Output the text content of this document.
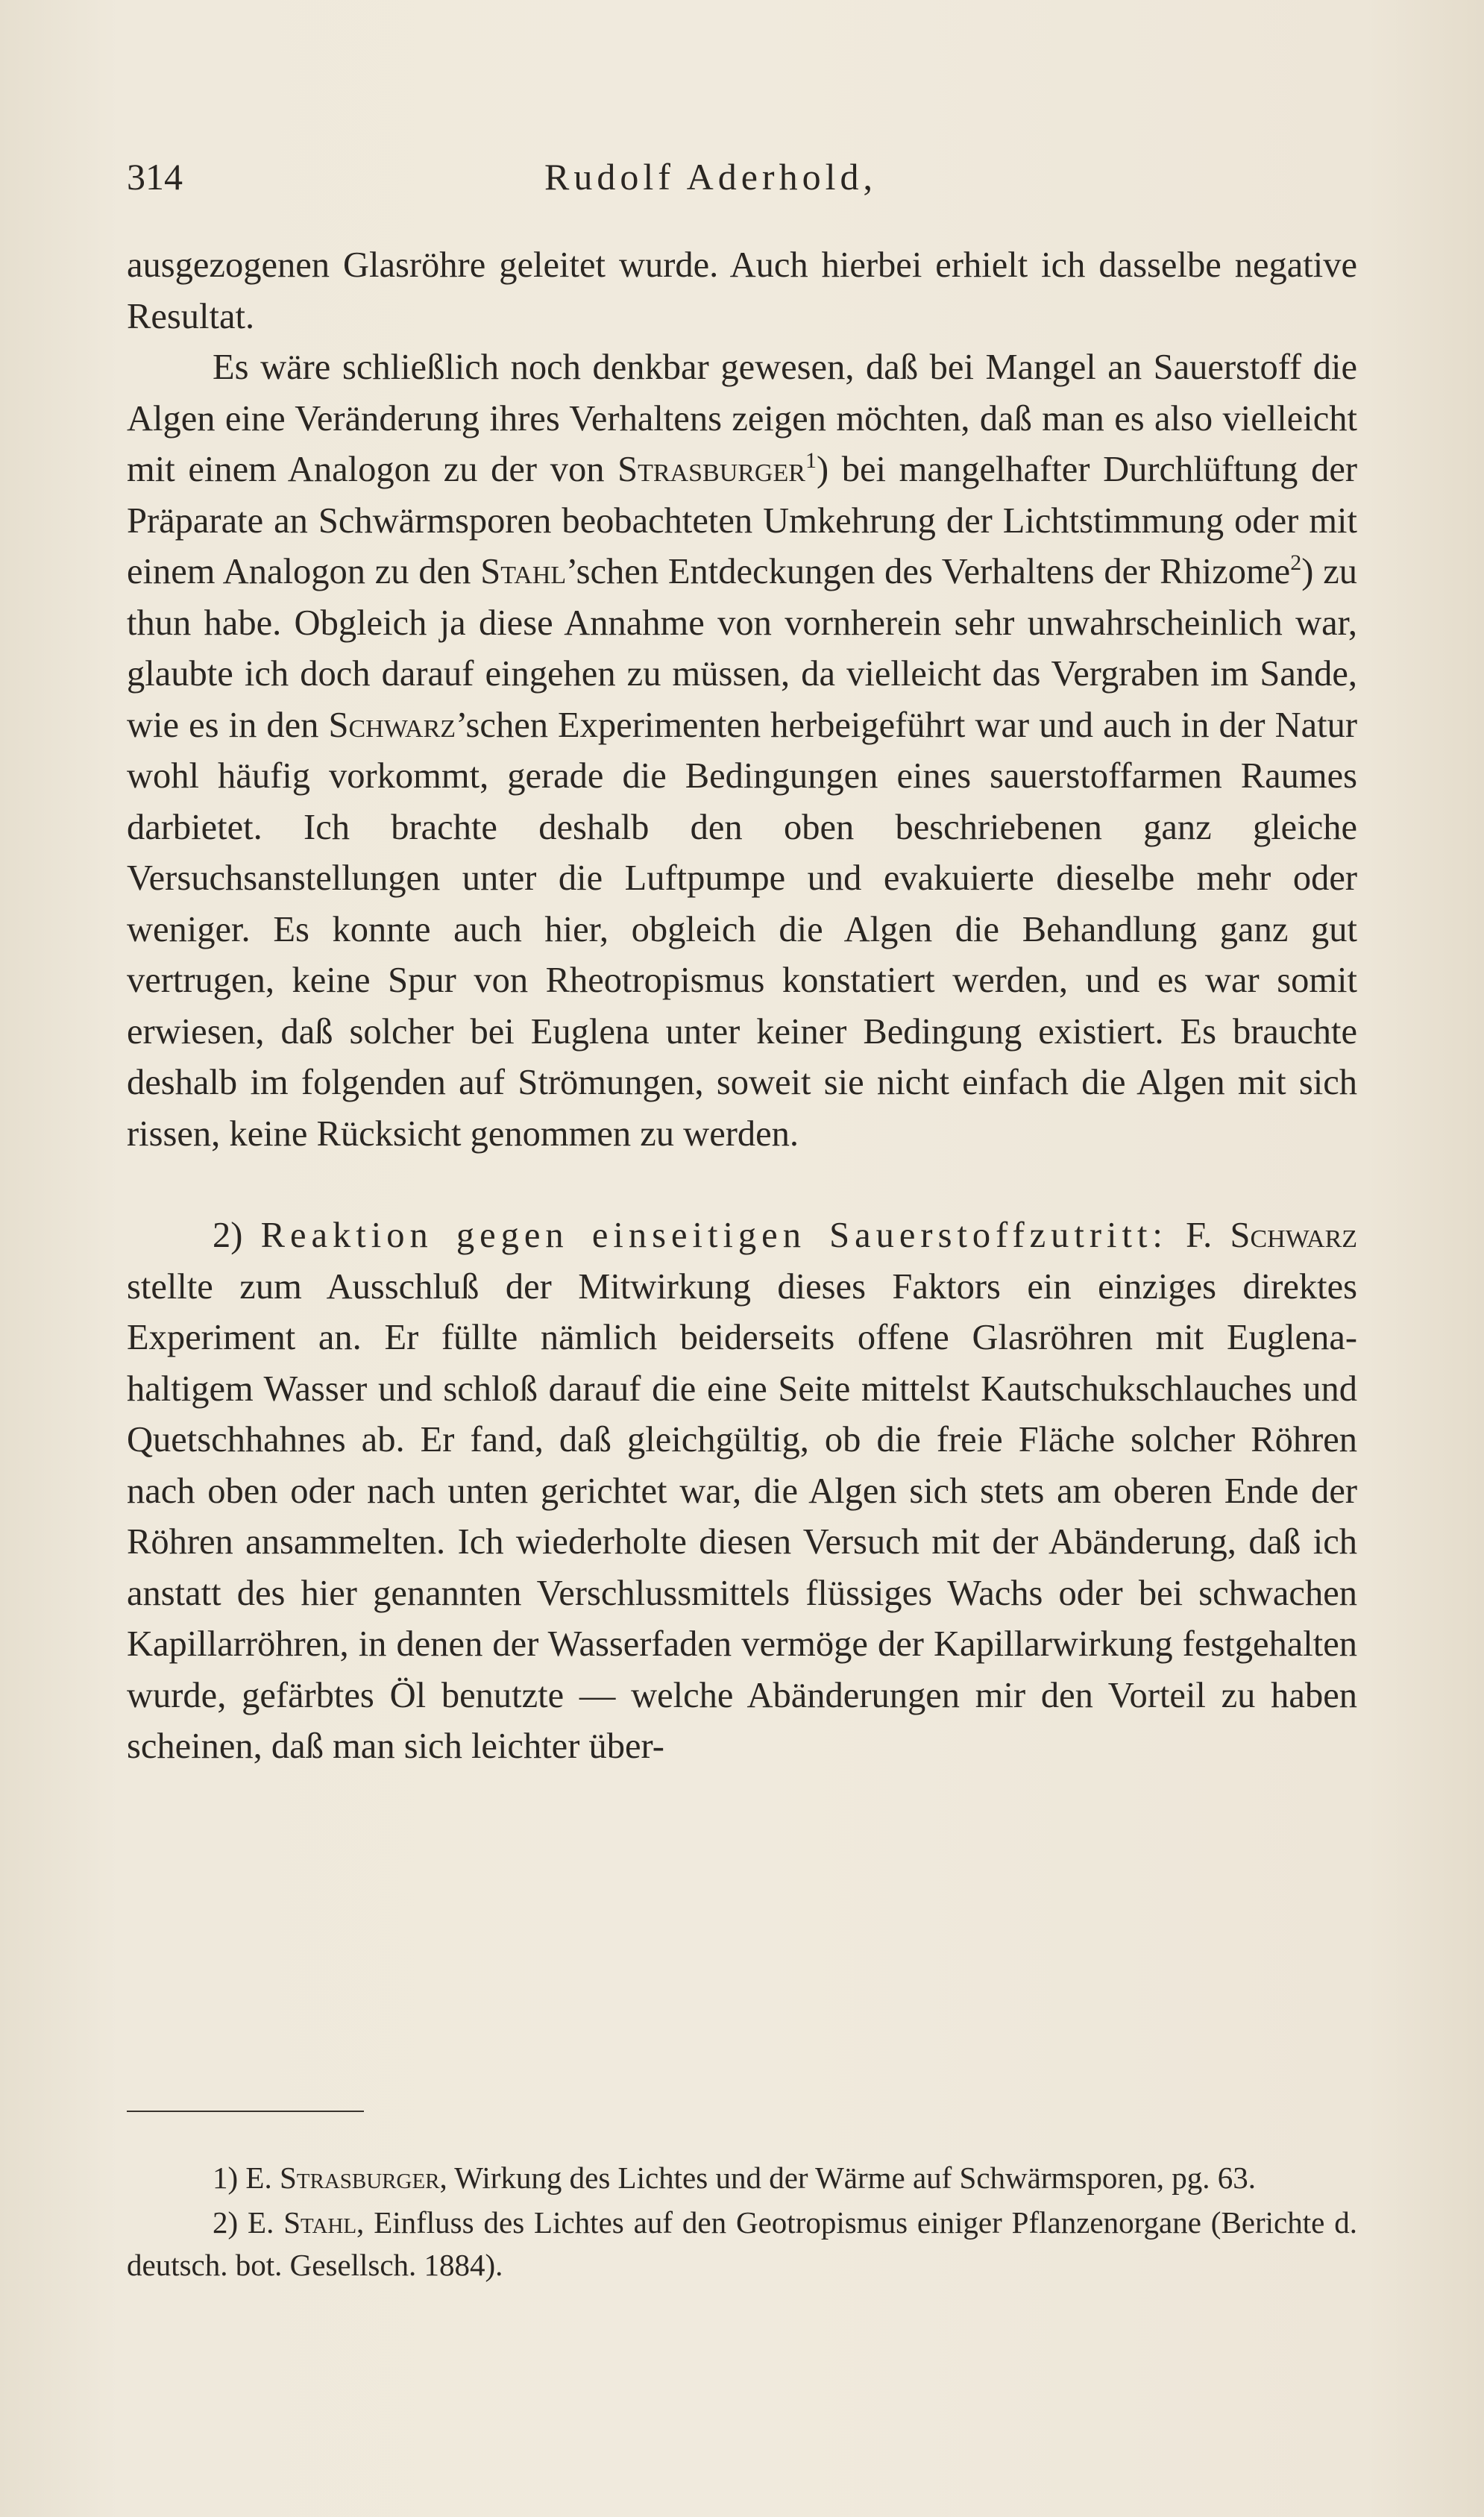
314	Rudolf Aderhold,

ausgezogenen Glasröhre geleitet wurde. Auch hierbei erhielt ich dasselbe negative Resultat.

Es wäre schließlich noch denkbar gewesen, daß bei Mangel an Sauerstoff die Algen eine Veränderung ihres Verhaltens zeigen möchten, daß man es also vielleicht mit einem Analogon zu der von Strasburger$^1$) bei mangelhafter Durchlüftung der Präparate an Schwärmsporen beobachteten Umkehrung der Lichtstimmung oder mit einem Analogon zu den Stahl’schen Entdeckungen des Verhaltens der Rhizome$^2$) zu thun habe. Obgleich ja diese Annahme von vornherein sehr unwahrscheinlich war, glaubte ich doch darauf eingehen zu müssen, da vielleicht das Vergraben im Sande, wie es in den Schwarz’schen Experimenten herbeigeführt war und auch in der Natur wohl häufig vorkommt, gerade die Bedingungen eines sauerstoffarmen Raumes darbietet. Ich brachte deshalb den oben beschriebenen ganz gleiche Versuchsanstellungen unter die Luftpumpe und evakuierte dieselbe mehr oder weniger. Es konnte auch hier, obgleich die Algen die Behandlung ganz gut vertrugen, keine Spur von Rheotropismus konstatiert werden, und es war somit erwiesen, daß solcher bei Euglena unter keiner Bedingung existiert. Es brauchte deshalb im folgenden auf Strömungen, soweit sie nicht einfach die Algen mit sich rissen, keine Rücksicht genommen zu werden.

2) Reaktion gegen einseitigen Sauerstoffzutritt: F. Schwarz stellte zum Ausschluß der Mitwirkung dieses Faktors ein einziges direktes Experiment an. Er füllte nämlich beiderseits offene Glasröhren mit Euglena-haltigem Wasser und schloß darauf die eine Seite mittelst Kautschukschlauches und Quetschhahnes ab. Er fand, daß gleichgültig, ob die freie Fläche solcher Röhren nach oben oder nach unten gerichtet war, die Algen sich stets am oberen Ende der Röhren ansammelten. Ich wiederholte diesen Versuch mit der Abänderung, daß ich anstatt des hier genannten Verschlussmittels flüssiges Wachs oder bei schwachen Kapillarröhren, in denen der Wasserfaden vermöge der Kapillarwirkung festgehalten wurde, gefärbtes Öl benutzte — welche Abänderungen mir den Vorteil zu haben scheinen, daß man sich leichter über-

1) E. Strasburger, Wirkung des Lichtes und der Wärme auf Schwärmsporen, pg. 63.

2) E. Stahl, Einfluss des Lichtes auf den Geotropismus einiger Pflanzenorgane (Berichte d. deutsch. bot. Gesellsch. 1884).
